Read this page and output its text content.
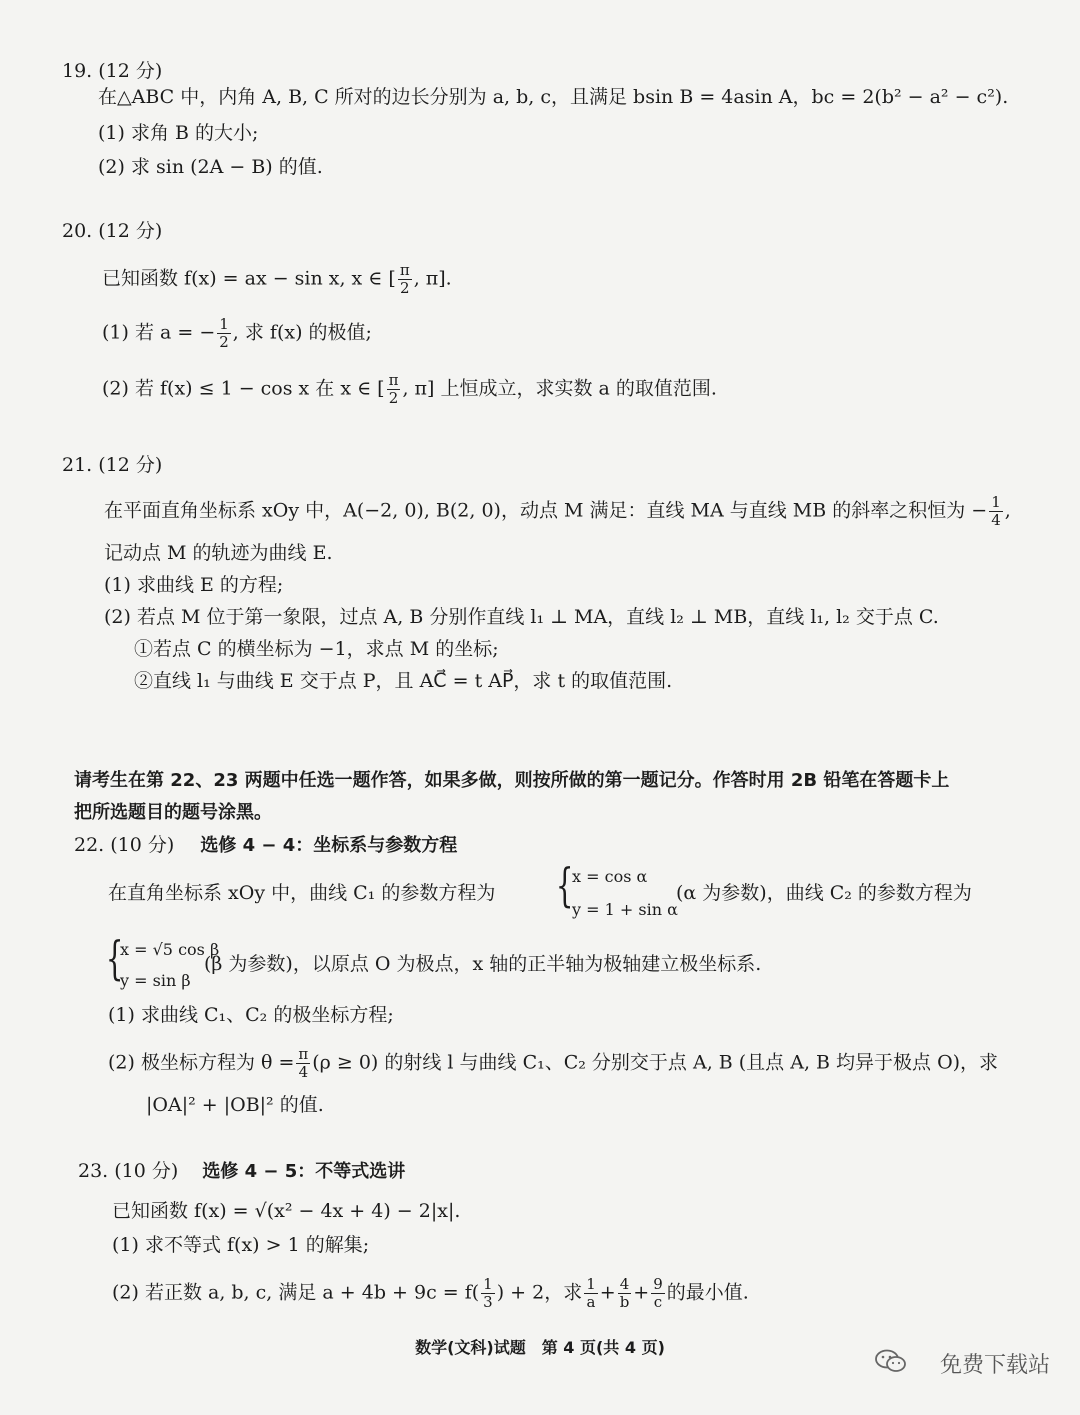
19. (12 分)
在△ABC 中，内角 A, B, C 所对的边长分别为 a, b, c，且满足 bsin B = 4asin A，bc = 2(b² − a² − c²).
(1) 求角 B 的大小;
(2) 求 sin (2A − B) 的值.
20. (12 分)
已知函数 f(x) = ax − sin x, x ∈ [ $\frac{\pi}{2}$ , π].
(1) 若 a = − $\frac{1}{2}$ , 求 f(x) 的极值;
(2) 若 f(x) ≤ 1 − cos x 在 x ∈ [ $\frac{\pi}{2}$ , π] 上恒成立，求实数 a 的取值范围.
21. (12 分)
在平面直角坐标系 xOy 中，A(−2, 0), B(2, 0)，动点 M 满足：直线 MA 与直线 MB 的斜率之积恒为 − $\frac{1}{4}$ ,
记动点 M 的轨迹为曲线 E.
(1) 求曲线 E 的方程;
(2) 若点 M 位于第一象限，过点 A, B 分别作直线 l₁ ⊥ MA，直线 l₂ ⊥ MB，直线 l₁, l₂ 交于点 C.
①若点 C 的横坐标为 −1，求点 M 的坐标;
②直线 l₁ 与曲线 E 交于点 P，且 AC⃗ = t AP⃗，求 t 的取值范围.
请考生在第 22、23 两题中任选一题作答，如果多做，则按所做的第一题记分。作答时用 2B 铅笔在答题卡上
把所选题目的题号涂黑。
22. (10 分) 选修 4 − 4：坐标系与参数方程
在直角坐标系 xOy 中，曲线 C₁ 的参数方程为 {
x = cos α
y = 1 + sin α
(α 为参数)，曲线 C₂ 的参数方程为
{
x = √5 cos β
y = sin β
(β 为参数)，以原点 O 为极点，x 轴的正半轴为极轴建立极坐标系.
(1) 求曲线 C₁、C₂ 的极坐标方程;
(2) 极坐标方程为 $\theta = \frac{\pi}{4} (\rho \ge 0)$ 的射线 l 与曲线 C₁、C₂ 分别交于点 A, B (且点 A, B 均异于极点 O)，求
|OA|² + |OB|² 的值.
23. (10 分) 选修 4 − 5：不等式选讲
已知函数 f(x) = √(x² − 4x + 4) − 2|x|.
(1) 求不等式 f(x) > 1 的解集;
(2) 若正数 a, b, c, 满足 $a + 4b + 9c = f( \frac{1}{3}$ ) + 2，求 $\frac{1}{a} + \frac{4}{b} + \frac{9}{c}$ 的最小值.
数学(文科)试题　第 4 页(共 4 页)
免费下载站
